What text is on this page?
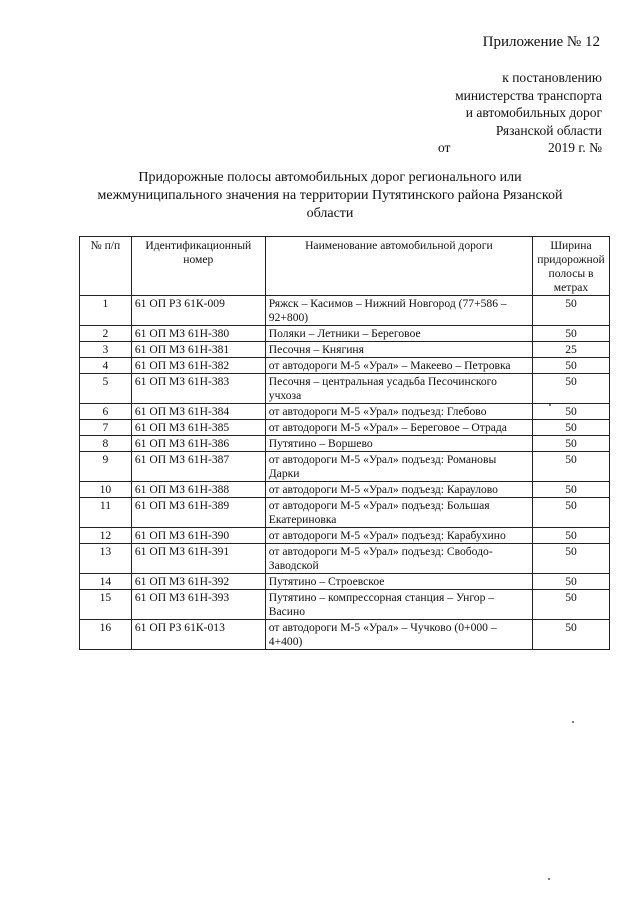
Приложение № 12
к постановлению
министерства транспорта
и автомобильных дорог
Рязанской области
от	2019 г. №
Придорожные полосы автомобильных дорог регионального или межмуниципального значения на территории Путятинского района Рязанской области
№ п/п	Идентификационный номер	Наименование автомобильной дороги	Ширина придорожной полосы в метрах
1	61 ОП РЗ 61К-009	Ряжск – Касимов – Нижний Новгород (77+586 – 92+800)	50
2	61 ОП МЗ 61Н-380	Поляки – Летники – Береговое	50
3	61 ОП МЗ 61Н-381	Песочня – Княгиня	25
4	61 ОП МЗ 61Н-382	от автодороги М-5 «Урал» – Макеево – Петровка	50
5	61 ОП МЗ 61Н-383	Песочня – центральная усадьба Песочинского учхоза	50
6	61 ОП МЗ 61Н-384	от автодороги М-5 «Урал» подъезд: Глебово	50
7	61 ОП МЗ 61Н-385	от автодороги М-5 «Урал» – Береговое – Отрада	50
8	61 ОП МЗ 61Н-386	Путятино – Воршево	50
9	61 ОП МЗ 61Н-387	от автодороги М-5 «Урал» подъезд: Романовы Дарки	50
10	61 ОП МЗ 61Н-388	от автодороги М-5 «Урал» подъезд: Караулово	50
11	61 ОП МЗ 61Н-389	от автодороги М-5 «Урал» подъезд: Большая Екатериновка	50
12	61 ОП МЗ 61Н-390	от автодороги М-5 «Урал» подъезд: Карабухино	50
13	61 ОП МЗ 61Н-391	от автодороги М-5 «Урал» подъезд: Свободо-Заводской	50
14	61 ОП МЗ 61Н-392	Путятино – Строевское	50
15	61 ОП МЗ 61Н-393	Путятино – компрессорная станция – Унгор – Васино	50
16	61 ОП РЗ 61К-013	от автодороги М-5 «Урал» – Чучково (0+000 – 4+400)	50
